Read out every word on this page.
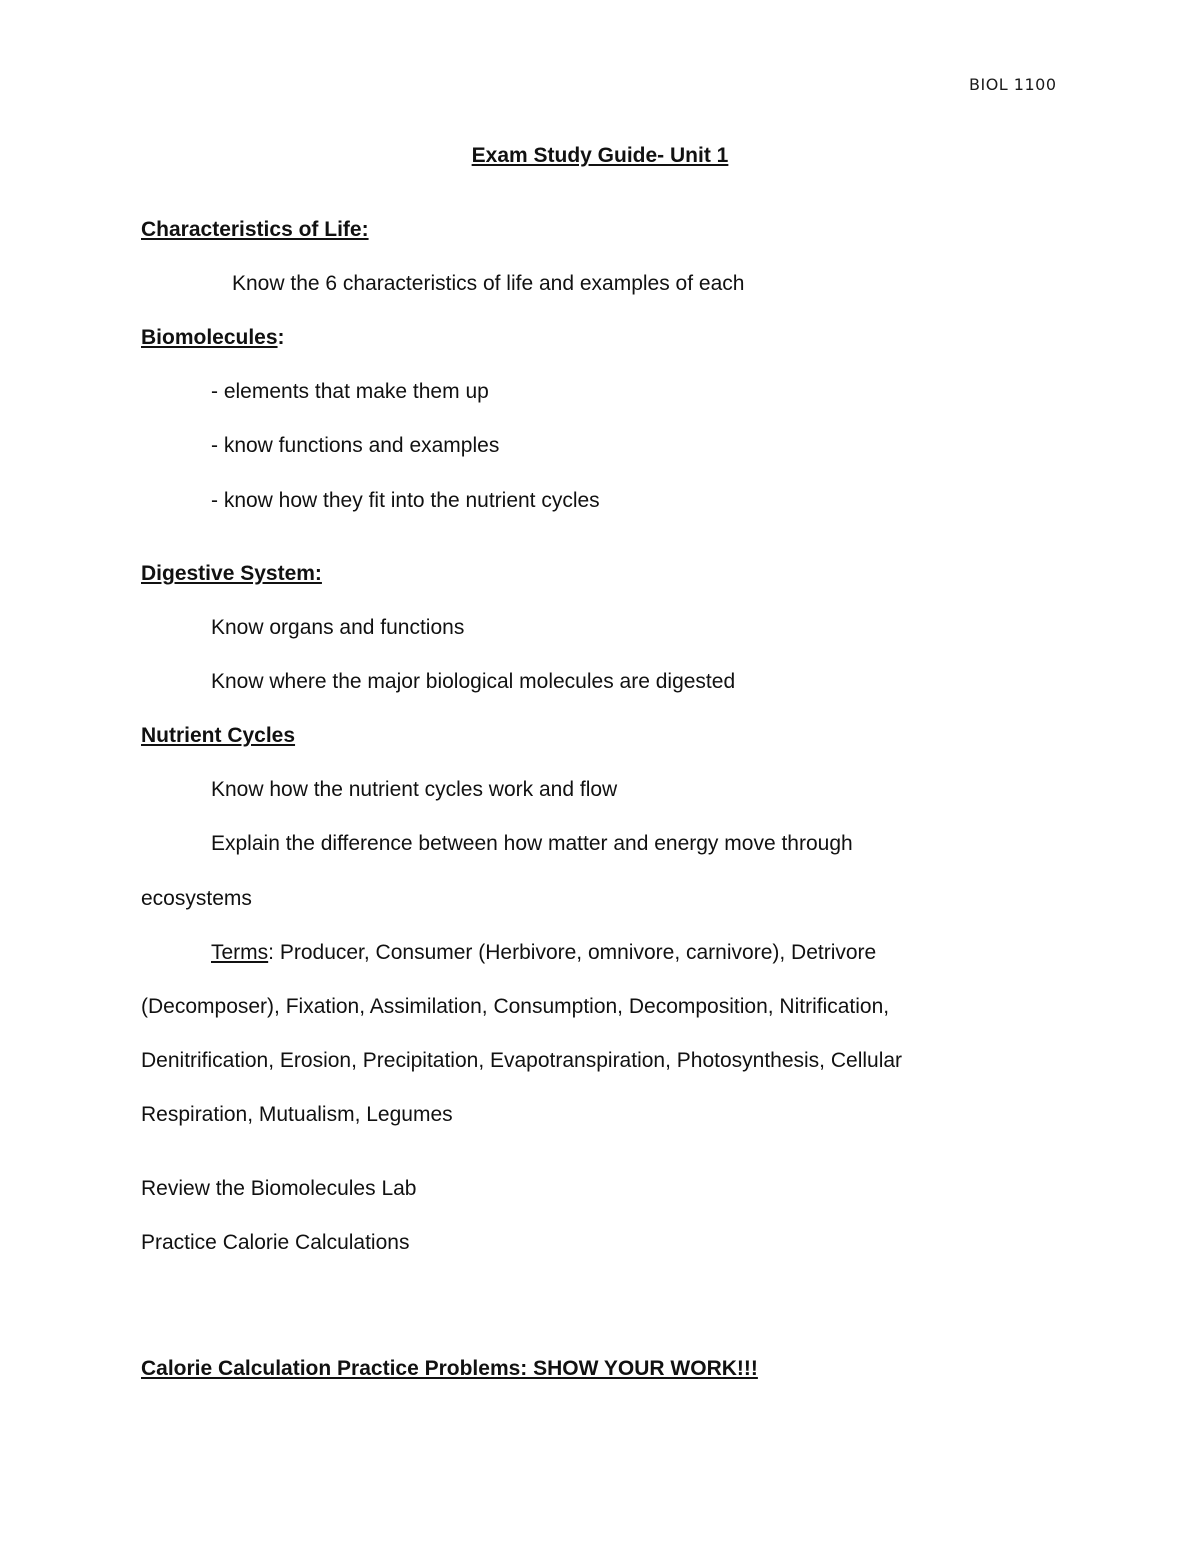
BIOL 1100
Exam Study Guide- Unit 1
Characteristics of Life:
Know the 6 characteristics of life and examples of each
Biomolecules:
- elements that make them up
- know functions and examples
- know how they fit into the nutrient cycles
Digestive System:
Know organs and functions
Know where the major biological molecules are digested
Nutrient Cycles
Know how the nutrient cycles work and flow
Explain the difference between how matter and energy move through
ecosystems
Terms: Producer, Consumer (Herbivore, omnivore, carnivore), Detrivore
(Decomposer), Fixation, Assimilation, Consumption, Decomposition, Nitrification,
Denitrification, Erosion, Precipitation, Evapotranspiration, Photosynthesis, Cellular
Respiration, Mutualism, Legumes
Review the Biomolecules Lab
Practice Calorie Calculations
Calorie Calculation Practice Problems: SHOW YOUR WORK!!!
